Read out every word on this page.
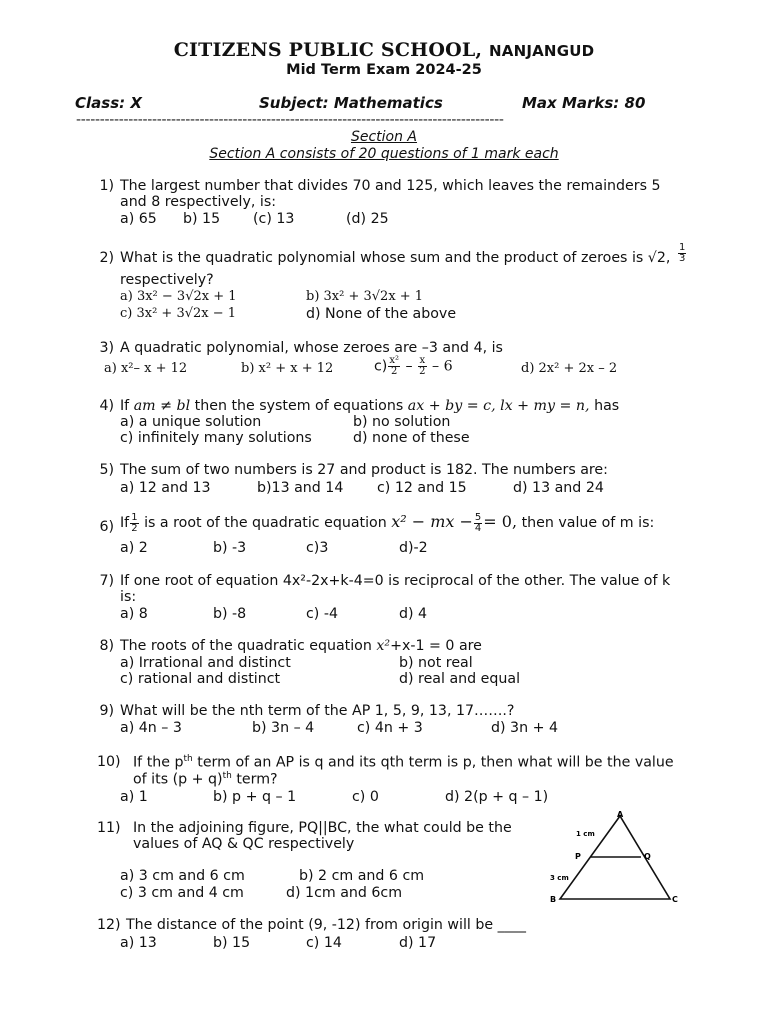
CITIZENS PUBLIC SCHOOL, NANJANGUD
Mid Term Exam 2024-25
Class: X	Subject: Mathematics	Max Marks: 80
------------------------------------------------------------------------------------------
Section A
Section A consists of 20 questions of 1 mark each
1) The largest number that divides 70 and 125, which leaves the remainders 5
and 8 respectively, is:
a) 65 b) 15 (c) 13	(d) 25
2) What is the quadratic polynomial whose sum and the product of zeroes is √2, $\frac{1}{3}$
respectively?
a) 3x² − 3√2x + 1	b) 3x² + 3√2x + 1
c) 3x² + 3√2x − 1	d) None of the above
3) A quadratic polynomial, whose zeroes are –3 and 4, is
a) x²– x + 12	b) x² + x + 12	$c) \frac{\text{x²}}{2} - \frac{x}{2} - 6$	d) 2x² + 2x – 2
4) If am ≠ bl then the system of equations ax + by = c, lx + my = n, has
a) a unique solution	b) no solution
c) infinitely many solutions	d) none of these
5) The sum of two numbers is 27 and product is 182. The numbers are:
a) 12 and 13	b)13 and 14 c) 12 and 15	d) 13 and 24
6) If $\frac{1}{2}$ is a root of the quadratic equation x² − mx − $\frac{5}{4} = 0$, then value of m is:
a) 2	b) -3	c)3	d)-2
7) If one root of equation 4x²-2x+k-4=0 is reciprocal of the other. The value of k
is:
a) 8	b) -8	c) -4	d) 4
8) The roots of the quadratic equation x²+x-1 = 0 are
a) Irrational and distinct	b) not real
c) rational and distinct	d) real and equal
9) What will be the nth term of the AP 1, 5, 9, 13, 17…….?
a) 4n – 3	b) 3n – 4	c) 4n + 3	d) 3n + 4
10) If the $p^{th}$ term of an AP is q and its qth term is p, then what will be the value
of its $(p + q)^{th}$ term?
a) 1	b) p + q – 1	c) 0	d) 2(p + q – 1)
11) In the adjoining figure, PQ||BC, the what could be the
values of AQ & QC respectively
a) 3 cm and 6 cm	b) 2 cm and 6 cm
c) 3 cm and 4 cm	d) 1cm and 6cm
A
P	Q
B	C
1 cm
3 cm
12) The distance of the point (9, -12) from origin will be ____
a) 13	b) 15	c) 14	d) 17
